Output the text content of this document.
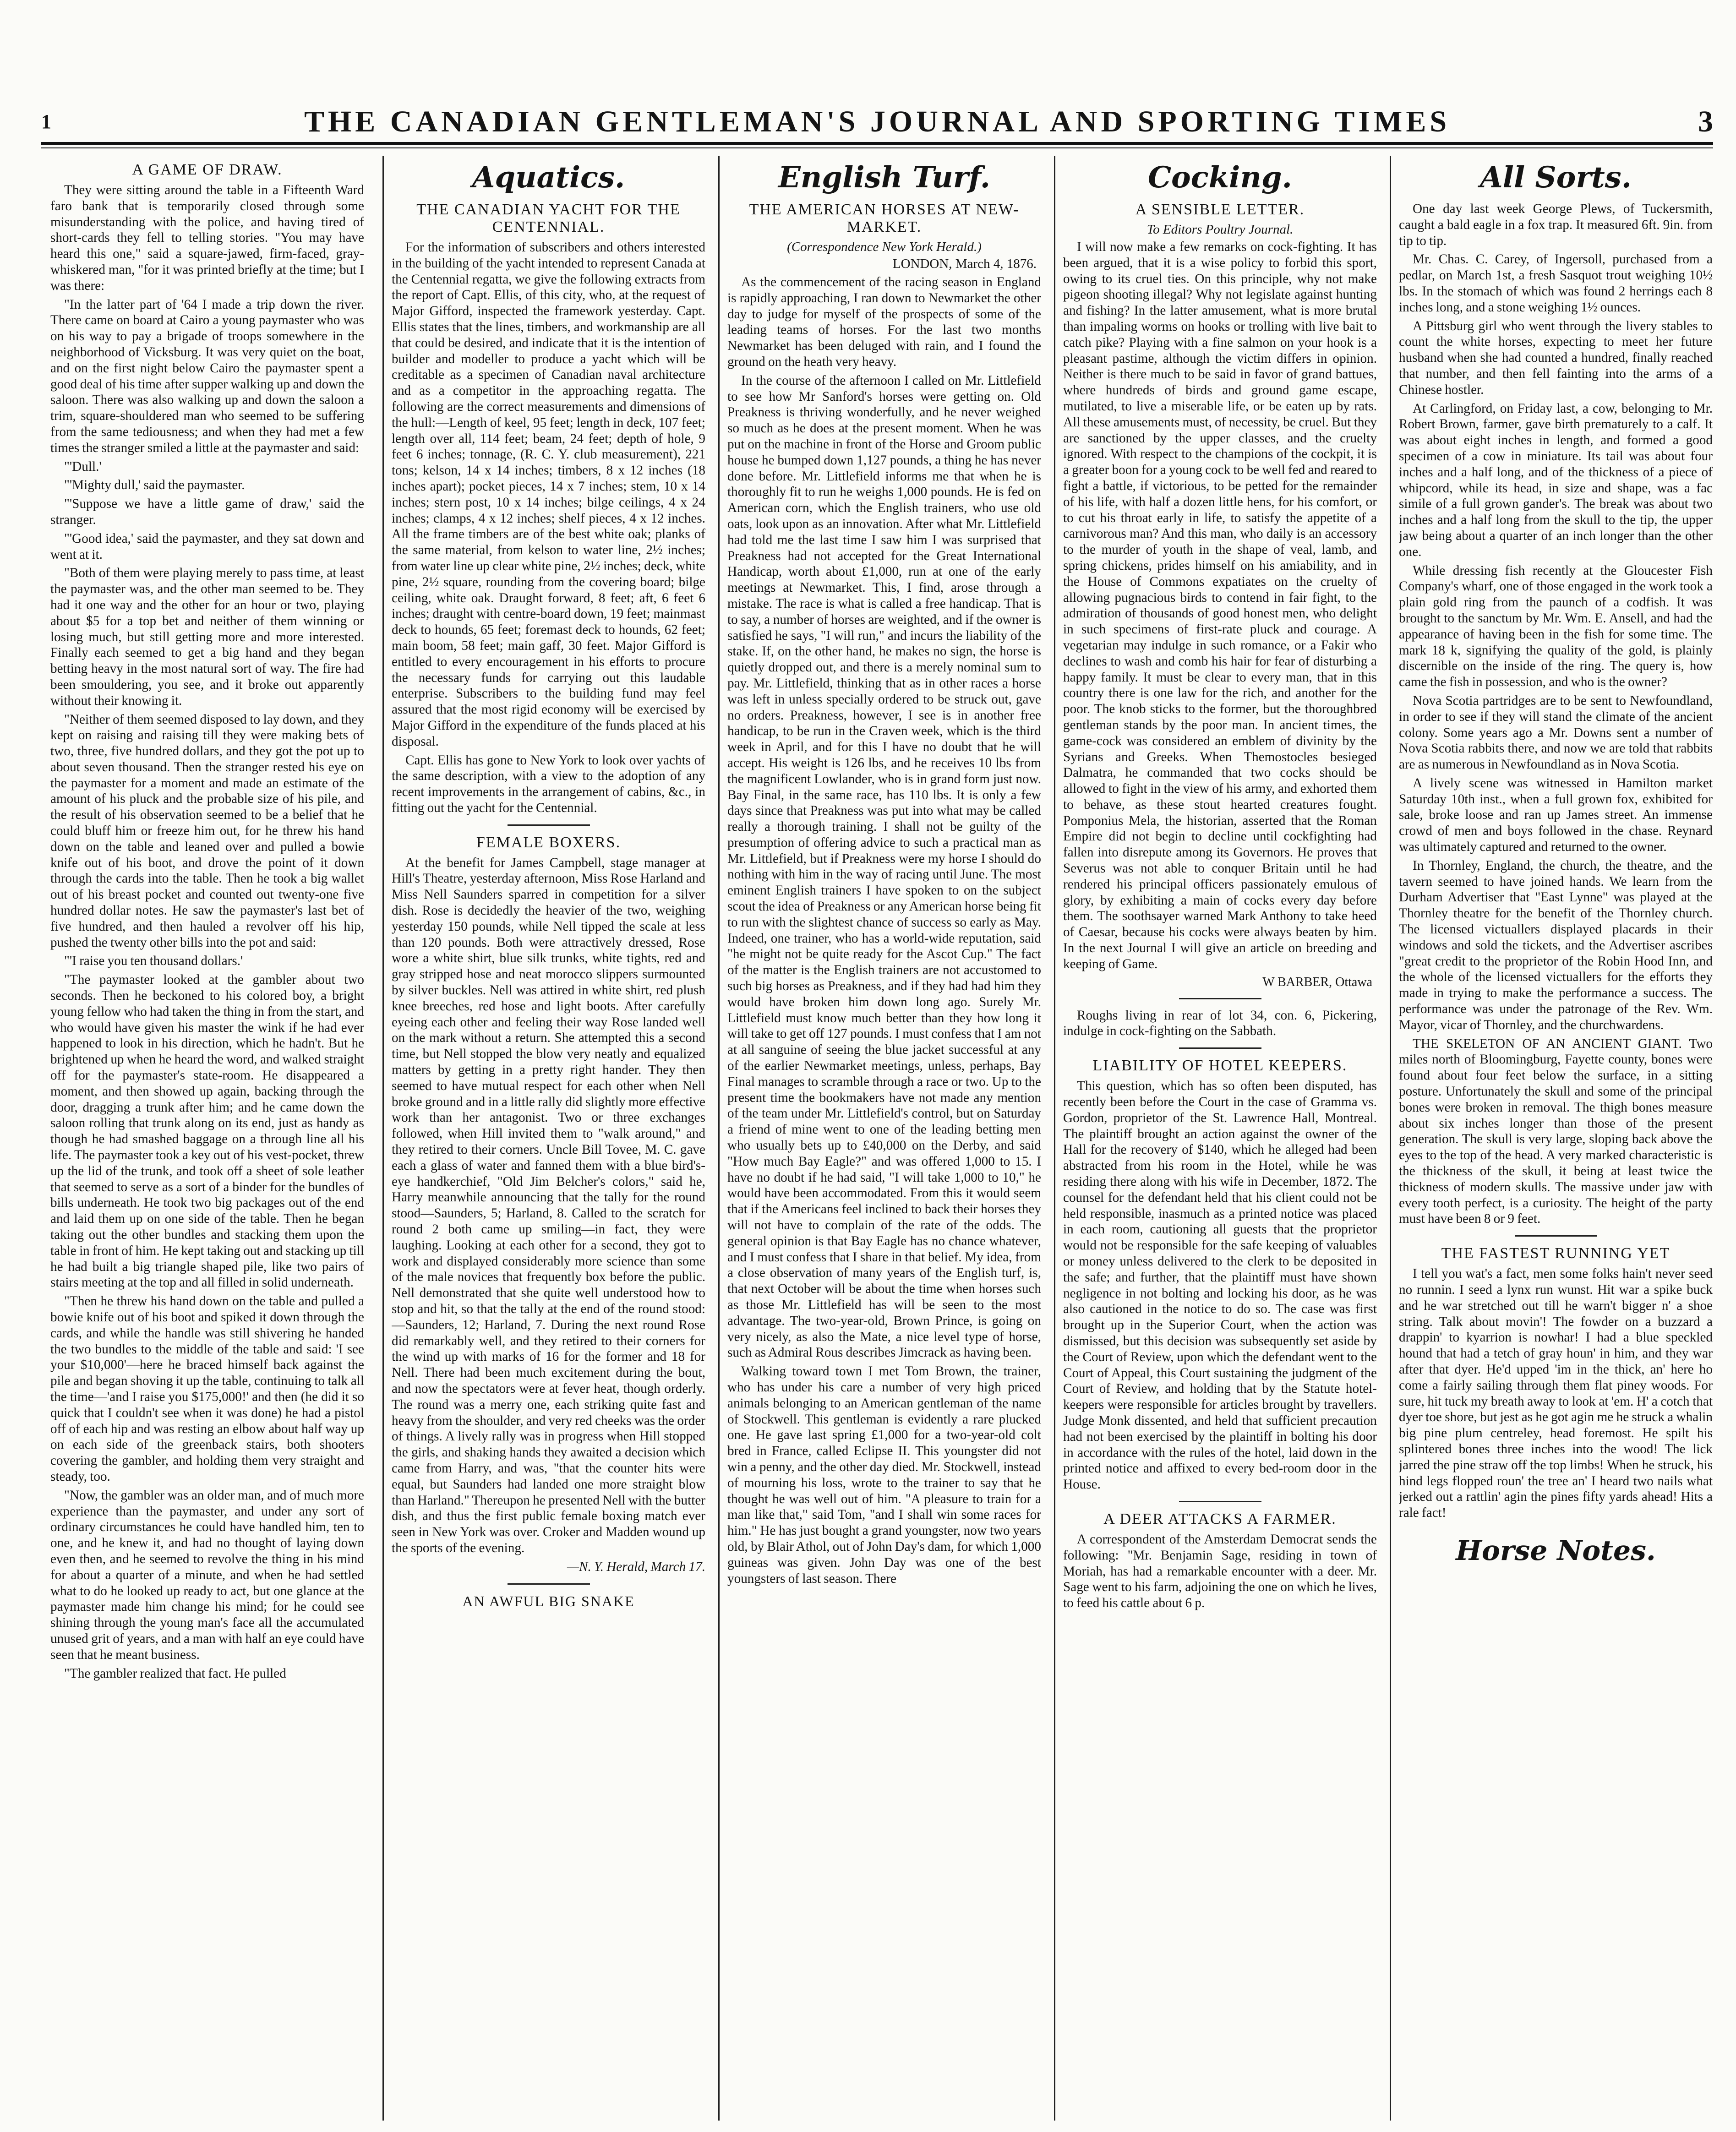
1	THE CANADIAN GENTLEMAN'S JOURNAL AND SPORTING TIMES	3
A GAME OF DRAW.

They were sitting around the table in a Fifteenth Ward faro bank that is temporarily closed through some misunderstanding with the police, and having tired of short-cards they fell to telling stories. "You may have heard this one," said a square-jawed, firm-faced, gray-whiskered man, "for it was printed briefly at the time; but I was there:

"In the latter part of '64 I made a trip down the river. There came on board at Cairo a young paymaster who was on his way to pay a brigade of troops somewhere in the neighborhood of Vicksburg. It was very quiet on the boat, and on the first night below Cairo the paymaster spent a good deal of his time after supper walking up and down the saloon. There was also walking up and down the saloon a trim, square-shouldered man who seemed to be suffering from the same tediousness; and when they had met a few times the stranger smiled a little at the paymaster and said:

"'Dull.'

"'Mighty dull,' said the paymaster.

"'Suppose we have a little game of draw,' said the stranger.

"'Good idea,' said the paymaster, and they sat down and went at it.

"Both of them were playing merely to pass time, at least the paymaster was, and the other man seemed to be. They had it one way and the other for an hour or two, playing about $5 for a top bet and neither of them winning or losing much, but still getting more and more interested. Finally each seemed to get a big hand and they began betting heavy in the most natural sort of way. The fire had been smouldering, you see, and it broke out apparently without their knowing it.

"Neither of them seemed disposed to lay down, and they kept on raising and raising till they were making bets of two, three, five hundred dollars, and they got the pot up to about seven thousand. Then the stranger rested his eye on the paymaster for a moment and made an estimate of the amount of his pluck and the probable size of his pile, and the result of his observation seemed to be a belief that he could bluff him or freeze him out, for he threw his hand down on the table and leaned over and pulled a bowie knife out of his boot, and drove the point of it down through the cards into the table. Then he took a big wallet out of his breast pocket and counted out twenty-one five hundred dollar notes. He saw the paymaster's last bet of five hundred, and then hauled a revolver off his hip, pushed the twenty other bills into the pot and said:

"'I raise you ten thousand dollars.'

"The paymaster looked at the gambler about two seconds. Then he beckoned to his colored boy, a bright young fellow who had taken the thing in from the start, and who would have given his master the wink if he had ever happened to look in his direction, which he hadn't. But he brightened up when he heard the word, and walked straight off for the paymaster's state-room. He disappeared a moment, and then showed up again, backing through the door, dragging a trunk after him; and he came down the saloon rolling that trunk along on its end, just as handy as though he had smashed baggage on a through line all his life. The paymaster took a key out of his vest-pocket, threw up the lid of the trunk, and took off a sheet of sole leather that seemed to serve as a sort of a binder for the bundles of bills underneath. He took two big packages out of the end and laid them up on one side of the table. Then he began taking out the other bundles and stacking them upon the table in front of him. He kept taking out and stacking up till he had built a big triangle shaped pile, like two pairs of stairs meeting at the top and all filled in solid underneath.

"Then he threw his hand down on the table and pulled a bowie knife out of his boot and spiked it down through the cards, and while the handle was still shivering he handed the two bundles to the middle of the table and said: 'I see your $10,000'—here he braced himself back against the pile and began shoving it up the table, continuing to talk all the time—'and I raise you $175,000!' and then (he did it so quick that I couldn't see when it was done) he had a pistol off of each hip and was resting an elbow about half way up on each side of the greenback stairs, both shooters covering the gambler, and holding them very straight and steady, too.

"Now, the gambler was an older man, and of much more experience than the paymaster, and under any sort of ordinary circumstances he could have handled him, ten to one, and he knew it, and had no thought of laying down even then, and he seemed to revolve the thing in his mind for about a quarter of a minute, and when he had settled what to do he looked up ready to act, but one glance at the paymaster made him change his mind; for he could see shining through the young man's face all the accumulated unused grit of years, and a man with half an eye could have seen that he meant business.

"The gambler realized that fact. He pulled

Aquatics.
THE CANADIAN YACHT FOR THE CENTENNIAL.

For the information of subscribers and others interested in the building of the yacht intended to represent Canada at the Centennial regatta, we give the following extracts from the report of Capt. Ellis, of this city, who, at the request of Major Gifford, inspected the framework yesterday. Capt. Ellis states that the lines, timbers, and workmanship are all that could be desired, and indicate that it is the intention of builder and modeller to produce a yacht which will be creditable as a specimen of Canadian naval architecture and as a competitor in the approaching regatta. The following are the correct measurements and dimensions of the hull:—Length of keel, 95 feet; length in deck, 107 feet; length over all, 114 feet; beam, 24 feet; depth of hole, 9 feet 6 inches; tonnage, (R. C. Y. club measurement), 221 tons; kelson, 14 x 14 inches; timbers, 8 x 12 inches (18 inches apart); pocket pieces, 14 x 7 inches; stem, 10 x 14 inches; stern post, 10 x 14 inches; bilge ceilings, 4 x 24 inches; clamps, 4 x 12 inches; shelf pieces, 4 x 12 inches. All the frame timbers are of the best white oak; planks of the same material, from kelson to water line, 2½ inches; from water line up clear white pine, 2½ inches; deck, white pine, 2½ square, rounding from the covering board; bilge ceiling, white oak. Draught forward, 8 feet; aft, 6 feet 6 inches; draught with centre-board down, 19 feet; mainmast deck to hounds, 65 feet; foremast deck to hounds, 62 feet; main boom, 58 feet; main gaff, 30 feet. Major Gifford is entitled to every encouragement in his efforts to procure the necessary funds for carrying out this laudable enterprise. Subscribers to the building fund may feel assured that the most rigid economy will be exercised by Major Gifford in the expenditure of the funds placed at his disposal.

Capt. Ellis has gone to New York to look over yachts of the same description, with a view to the adoption of any recent improvements in the arrangement of cabins, &c., in fitting out the yacht for the Centennial.

FEMALE BOXERS.

At the benefit for James Campbell, stage manager at Hill's Theatre, yesterday afternoon, Miss Rose Harland and Miss Nell Saunders sparred in competition for a silver dish. Rose is decidedly the heavier of the two, weighing yesterday 150 pounds, while Nell tipped the scale at less than 120 pounds. Both were attractively dressed, Rose wore a white shirt, blue silk trunks, white tights, red and gray stripped hose and neat morocco slippers surmounted by silver buckles. Nell was attired in white shirt, red plush knee breeches, red hose and light boots. After carefully eyeing each other and feeling their way Rose landed well on the mark without a return. She attempted this a second time, but Nell stopped the blow very neatly and equalized matters by getting in a pretty right hander. They then seemed to have mutual respect for each other when Nell broke ground and in a little rally did slightly more effective work than her antagonist. Two or three exchanges followed, when Hill invited them to "walk around," and they retired to their corners. Uncle Bill Tovee, M. C. gave each a glass of water and fanned them with a blue bird's-eye handkerchief, "Old Jim Belcher's colors," said he, Harry meanwhile announcing that the tally for the round stood—Saunders, 5; Harland, 8. Called to the scratch for round 2 both came up smiling—in fact, they were laughing. Looking at each other for a second, they got to work and displayed considerably more science than some of the male novices that frequently box before the public. Nell demonstrated that she quite well understood how to stop and hit, so that the tally at the end of the round stood:—Saunders, 12; Harland, 7. During the next round Rose did remarkably well, and they retired to their corners for the wind up with marks of 16 for the former and 18 for Nell. There had been much excitement during the bout, and now the spectators were at fever heat, though orderly. The round was a merry one, each striking quite fast and heavy from the shoulder, and very red cheeks was the order of things. A lively rally was in progress when Hill stopped the girls, and shaking hands they awaited a decision which came from Harry, and was, "that the counter hits were equal, but Saunders had landed one more straight blow than Harland." Thereupon he presented Nell with the butter dish, and thus the first public female boxing match ever seen in New York was over. Croker and Madden wound up the sports of the evening.

—N. Y. Herald, March 17.

AN AWFUL BIG SNAKE
English Turf.
THE AMERICAN HORSES AT NEW-MARKET.
(Correspondence New York Herald.)
LONDON, March 4, 1876.

As the commencement of the racing season in England is rapidly approaching, I ran down to Newmarket the other day to judge for myself of the prospects of some of the leading teams of horses. For the last two months Newmarket has been deluged with rain, and I found the ground on the heath very heavy.

In the course of the afternoon I called on Mr. Littlefield to see how Mr Sanford's horses were getting on. Old Preakness is thriving wonderfully, and he never weighed so much as he does at the present moment. When he was put on the machine in front of the Horse and Groom public house he bumped down 1,127 pounds, a thing he has never done before. Mr. Littlefield informs me that when he is thoroughly fit to run he weighs 1,000 pounds. He is fed on American corn, which the English trainers, who use old oats, look upon as an innovation. After what Mr. Littlefield had told me the last time I saw him I was surprised that Preakness had not accepted for the Great International Handicap, worth about £1,000, run at one of the early meetings at Newmarket. This, I find, arose through a mistake. The race is what is called a free handicap. That is to say, a number of horses are weighted, and if the owner is satisfied he says, "I will run," and incurs the liability of the stake. If, on the other hand, he makes no sign, the horse is quietly dropped out, and there is a merely nominal sum to pay. Mr. Littlefield, thinking that as in other races a horse was left in unless specially ordered to be struck out, gave no orders. Preakness, however, I see is in another free handicap, to be run in the Craven week, which is the third week in April, and for this I have no doubt that he will accept. His weight is 126 lbs, and he receives 10 lbs from the magnificent Lowlander, who is in grand form just now. Bay Final, in the same race, has 110 lbs. It is only a few days since that Preakness was put into what may be called really a thorough training. I shall not be guilty of the presumption of offering advice to such a practical man as Mr. Littlefield, but if Preakness were my horse I should do nothing with him in the way of racing until June. The most eminent English trainers I have spoken to on the subject scout the idea of Preakness or any American horse being fit to run with the slightest chance of success so early as May. Indeed, one trainer, who has a world-wide reputation, said "he might not be quite ready for the Ascot Cup." The fact of the matter is the English trainers are not accustomed to such big horses as Preakness, and if they had had him they would have broken him down long ago. Surely Mr. Littlefield must know much better than they how long it will take to get off 127 pounds. I must confess that I am not at all sanguine of seeing the blue jacket successful at any of the earlier Newmarket meetings, unless, perhaps, Bay Final manages to scramble through a race or two. Up to the present time the bookmakers have not made any mention of the team under Mr. Littlefield's control, but on Saturday a friend of mine went to one of the leading betting men who usually bets up to £40,000 on the Derby, and said "How much Bay Eagle?" and was offered 1,000 to 15. I have no doubt if he had said, "I will take 1,000 to 10," he would have been accommodated. From this it would seem that if the Americans feel inclined to back their horses they will not have to complain of the rate of the odds. The general opinion is that Bay Eagle has no chance whatever, and I must confess that I share in that belief. My idea, from a close observation of many years of the English turf, is, that next October will be about the time when horses such as those Mr. Littlefield has will be seen to the most advantage. The two-year-old, Brown Prince, is going on very nicely, as also the Mate, a nice level type of horse, such as Admiral Rous describes Jimcrack as having been.

Walking toward town I met Tom Brown, the trainer, who has under his care a number of very high priced animals belonging to an American gentleman of the name of Stockwell. This gentleman is evidently a rare plucked one. He gave last spring £1,000 for a two-year-old colt bred in France, called Eclipse II. This youngster did not win a penny, and the other day died. Mr. Stockwell, instead of mourning his loss, wrote to the trainer to say that he thought he was well out of him. "A pleasure to train for a man like that," said Tom, "and I shall win some races for him." He has just bought a grand youngster, now two years old, by Blair Athol, out of John Day's dam, for which 1,000 guineas was given. John Day was one of the best youngsters of last season. There

Cocking.
A SENSIBLE LETTER.
To Editors Poultry Journal.

I will now make a few remarks on cock-fighting. It has been argued, that it is a wise policy to forbid this sport, owing to its cruel ties. On this principle, why not make pigeon shooting illegal? Why not legislate against hunting and fishing? In the latter amusement, what is more brutal than impaling worms on hooks or trolling with live bait to catch pike? Playing with a fine salmon on your hook is a pleasant pastime, although the victim differs in opinion. Neither is there much to be said in favor of grand battues, where hundreds of birds and ground game escape, mutilated, to live a miserable life, or be eaten up by rats. All these amusements must, of necessity, be cruel. But they are sanctioned by the upper classes, and the cruelty ignored. With respect to the champions of the cockpit, it is a greater boon for a young cock to be well fed and reared to fight a battle, if victorious, to be petted for the remainder of his life, with half a dozen little hens, for his comfort, or to cut his throat early in life, to satisfy the appetite of a carnivorous man? And this man, who daily is an accessory to the murder of youth in the shape of veal, lamb, and spring chickens, prides himself on his amiability, and in the House of Commons expatiates on the cruelty of allowing pugnacious birds to contend in fair fight, to the admiration of thousands of good honest men, who delight in such specimens of first-rate pluck and courage. A vegetarian may indulge in such romance, or a Fakir who declines to wash and comb his hair for fear of disturbing a happy family. It must be clear to every man, that in this country there is one law for the rich, and another for the poor. The knob sticks to the former, but the thoroughbred gentleman stands by the poor man. In ancient times, the game-cock was considered an emblem of divinity by the Syrians and Greeks. When Themostocles besieged Dalmatra, he commanded that two cocks should be allowed to fight in the view of his army, and exhorted them to behave, as these stout hearted creatures fought. Pomponius Mela, the historian, asserted that the Roman Empire did not begin to decline until cockfighting had fallen into disrepute among its Governors. He proves that Severus was not able to conquer Britain until he had rendered his principal officers passionately emulous of glory, by exhibiting a main of cocks every day before them. The soothsayer warned Mark Anthony to take heed of Caesar, because his cocks were always beaten by him. In the next Journal I will give an article on breeding and keeping of Game.

W BARBER, Ottawa

Roughs living in rear of lot 34, con. 6, Pickering, indulge in cock-fighting on the Sabbath.

LIABILITY OF HOTEL KEEPERS.

This question, which has so often been disputed, has recently been before the Court in the case of Gramma vs. Gordon, proprietor of the St. Lawrence Hall, Montreal. The plaintiff brought an action against the owner of the Hall for the recovery of $140, which he alleged had been abstracted from his room in the Hotel, while he was residing there along with his wife in December, 1872. The counsel for the defendant held that his client could not be held responsible, inasmuch as a printed notice was placed in each room, cautioning all guests that the proprietor would not be responsible for the safe keeping of valuables or money unless delivered to the clerk to be deposited in the safe; and further, that the plaintiff must have shown negligence in not bolting and locking his door, as he was also cautioned in the notice to do so. The case was first brought up in the Superior Court, when the action was dismissed, but this decision was subsequently set aside by the Court of Review, upon which the defendant went to the Court of Appeal, this Court sustaining the judgment of the Court of Review, and holding that by the Statute hotel-keepers were responsible for articles brought by travellers. Judge Monk dissented, and held that sufficient precaution had not been exercised by the plaintiff in bolting his door in accordance with the rules of the hotel, laid down in the printed notice and affixed to every bed-room door in the House.

A DEER ATTACKS A FARMER.

A correspondent of the Amsterdam Democrat sends the following: "Mr. Benjamin Sage, residing in town of Moriah, has had a remarkable encounter with a deer. Mr. Sage went to his farm, adjoining the one on which he lives, to feed his cattle about 6 p.

All Sorts.

One day last week George Plews, of Tuckersmith, caught a bald eagle in a fox trap. It measured 6ft. 9in. from tip to tip.

Mr. Chas. C. Carey, of Ingersoll, purchased from a pedlar, on March 1st, a fresh Sasquot trout weighing 10½ lbs. In the stomach of which was found 2 herrings each 8 inches long, and a stone weighing 1½ ounces.

A Pittsburg girl who went through the livery stables to count the white horses, expecting to meet her future husband when she had counted a hundred, finally reached that number, and then fell fainting into the arms of a Chinese hostler.

At Carlingford, on Friday last, a cow, belonging to Mr. Robert Brown, farmer, gave birth prematurely to a calf. It was about eight inches in length, and formed a good specimen of a cow in miniature. Its tail was about four inches and a half long, and of the thickness of a piece of whipcord, while its head, in size and shape, was a fac simile of a full grown gander's. The break was about two inches and a half long from the skull to the tip, the upper jaw being about a quarter of an inch longer than the other one.

While dressing fish recently at the Gloucester Fish Company's wharf, one of those engaged in the work took a plain gold ring from the paunch of a codfish. It was brought to the sanctum by Mr. Wm. E. Ansell, and had the appearance of having been in the fish for some time. The mark 18 k, signifying the quality of the gold, is plainly discernible on the inside of the ring. The query is, how came the fish in possession, and who is the owner?

Nova Scotia partridges are to be sent to Newfoundland, in order to see if they will stand the climate of the ancient colony. Some years ago a Mr. Downs sent a number of Nova Scotia rabbits there, and now we are told that rabbits are as numerous in Newfoundland as in Nova Scotia.

A lively scene was witnessed in Hamilton market Saturday 10th inst., when a full grown fox, exhibited for sale, broke loose and ran up James street. An immense crowd of men and boys followed in the chase. Reynard was ultimately captured and returned to the owner.

In Thornley, England, the church, the theatre, and the tavern seemed to have joined hands. We learn from the Durham Advertiser that "East Lynne" was played at the Thornley theatre for the benefit of the Thornley church. The licensed victuallers displayed placards in their windows and sold the tickets, and the Advertiser ascribes "great credit to the proprietor of the Robin Hood Inn, and the whole of the licensed victuallers for the efforts they made in trying to make the performance a success. The performance was under the patronage of the Rev. Wm. Mayor, vicar of Thornley, and the churchwardens.

THE SKELETON OF AN ANCIENT GIANT. Two miles north of Bloomingburg, Fayette county, bones were found about four feet below the surface, in a sitting posture. Unfortunately the skull and some of the principal bones were broken in removal. The thigh bones measure about six inches longer than those of the present generation. The skull is very large, sloping back above the eyes to the top of the head. A very marked characteristic is the thickness of the skull, it being at least twice the thickness of modern skulls. The massive under jaw with every tooth perfect, is a curiosity. The height of the party must have been 8 or 9 feet.

THE FASTEST RUNNING YET

I tell you wat's a fact, men some folks hain't never seed no runnin. I seed a lynx run wunst. Hit war a spike buck and he war stretched out till he warn't bigger n' a shoe string. Talk about movin'! The fowder on a buzzard a drappin' to kyarrion is nowhar! I had a blue speckled hound that had a tetch of gray houn' in him, and they war after that dyer. He'd upped 'im in the thick, an' here ho come a fairly sailing through them flat piney woods. For sure, hit tuck my breath away to look at 'em. H' a cotch that dyer toe shore, but jest as he got agin me he struck a whalin big pine plum centreley, head foremost. He spilt his splintered bones three inches into the wood! The lick jarred the pine straw off the top limbs! When he struck, his hind legs flopped roun' the tree an' I heard two nails what jerked out a rattlin' agin the pines fifty yards ahead! Hits a rale fact!

Horse Notes.
